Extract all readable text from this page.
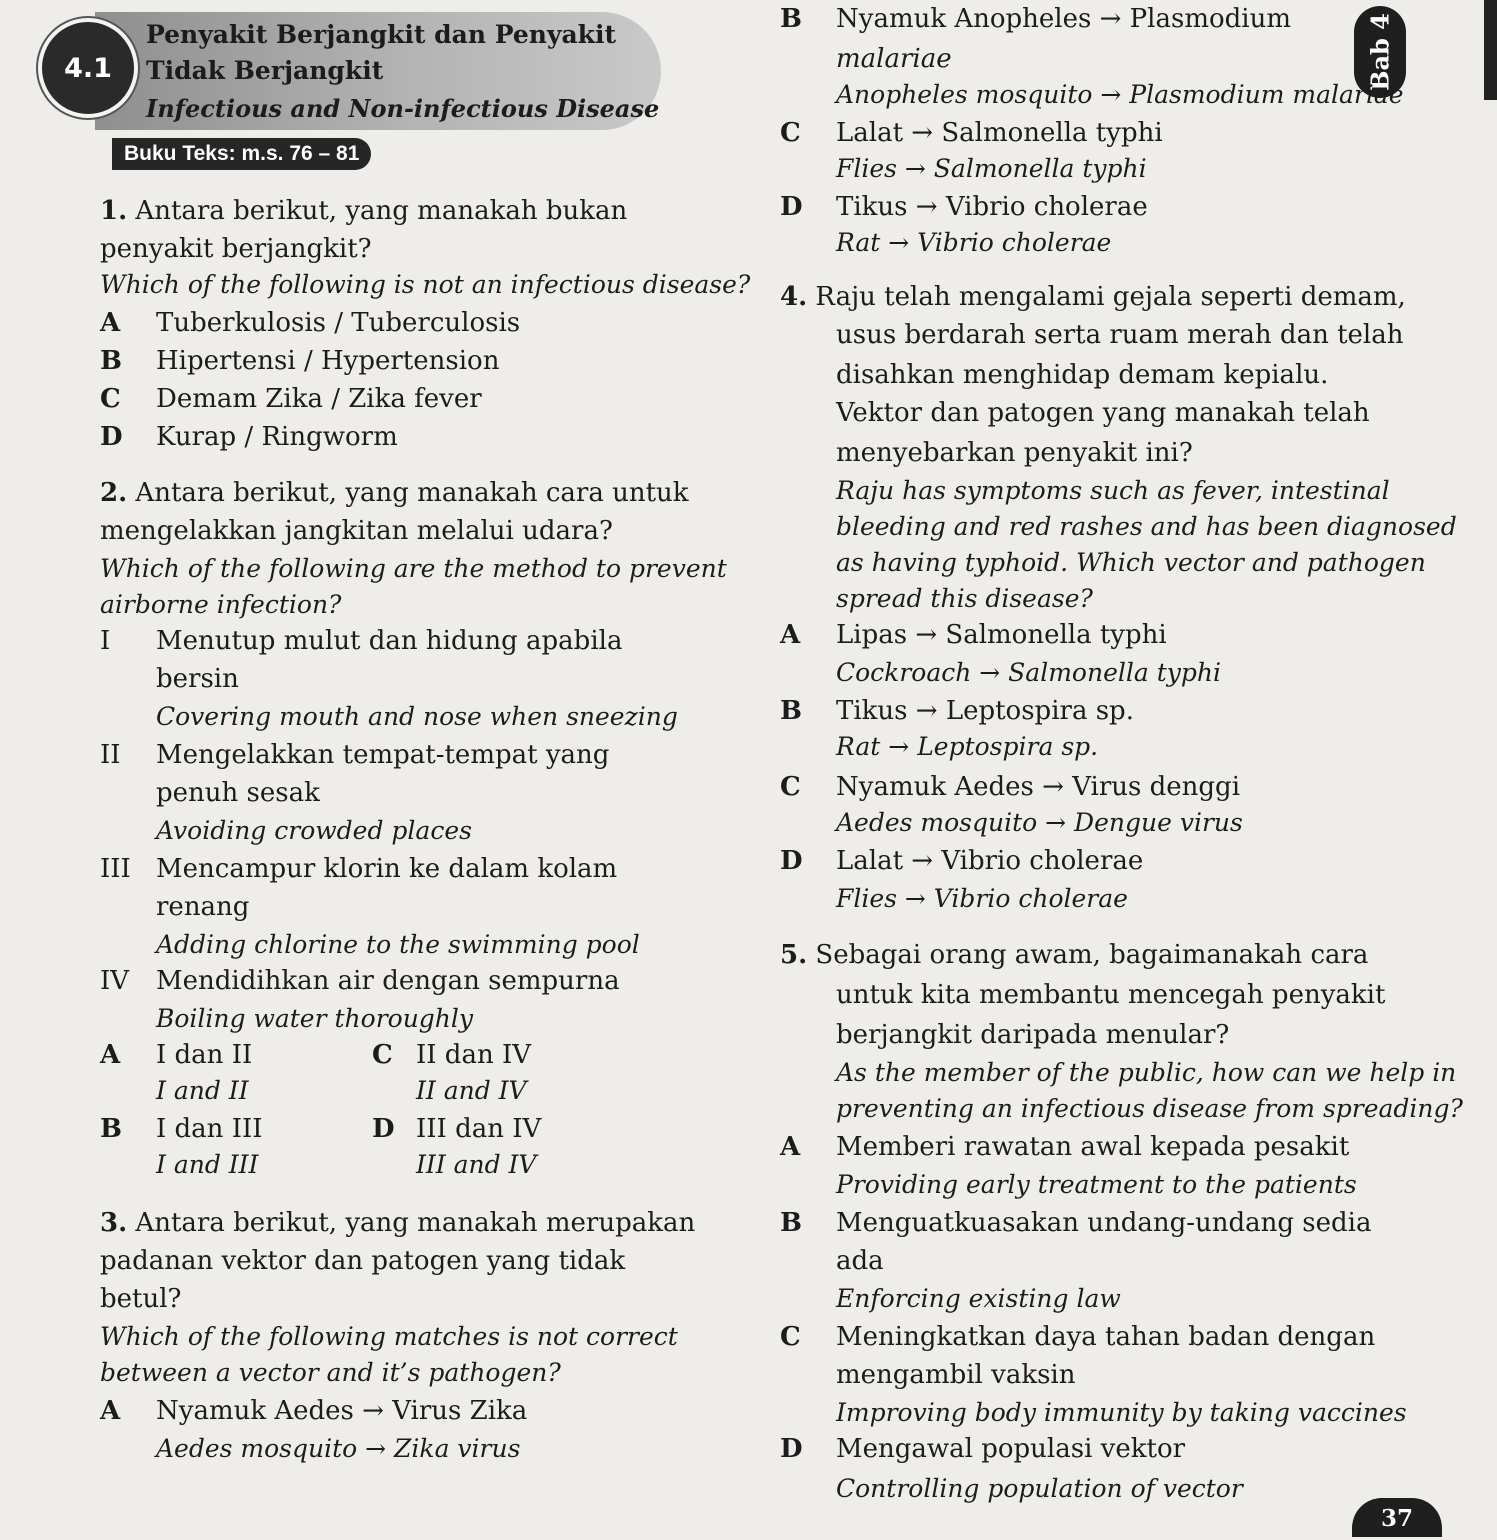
Penyakit Berjangkit dan Penyakit
Tidak Berjangkit
Infectious and Non-infectious Disease
4.1
Buku Teks: m.s. 76 – 81
Bab 4
1. Antara berikut, yang manakah bukan
penyakit berjangkit?
Which of the following is not an infectious disease?
A Tuberkulosis / Tuberculosis
B Hipertensi / Hypertension
C Demam Zika / Zika fever
D Kurap / Ringworm
2. Antara berikut, yang manakah cara untuk
mengelakkan jangkitan melalui udara?
Which of the following are the method to prevent
airborne infection?
I Menutup mulut dan hidung apabila
bersin
Covering mouth and nose when sneezing
II Mengelakkan tempat-tempat yang
penuh sesak
Avoiding crowded places
III Mencampur klorin ke dalam kolam
renang
Adding chlorine to the swimming pool
IV Mendidihkan air dengan sempurna
Boiling water thoroughly
A I dan II
I and II
C II dan IV
II and IV
B I dan III
I and III
D III dan IV
III and IV
3. Antara berikut, yang manakah merupakan
padanan vektor dan patogen yang tidak
betul?
Which of the following matches is not correct
between a vector and it’s pathogen?
A Nyamuk Aedes → Virus Zika
Aedes mosquito → Zika virus
B Nyamuk Anopheles → Plasmodium
malariae
Anopheles mosquito → Plasmodium malariae
C Lalat → Salmonella typhi
Flies → Salmonella typhi
D Tikus → Vibrio cholerae
Rat → Vibrio cholerae
4. Raju telah mengalami gejala seperti demam,
usus berdarah serta ruam merah dan telah
disahkan menghidap demam kepialu.
Vektor dan patogen yang manakah telah
menyebarkan penyakit ini?
Raju has symptoms such as fever, intestinal
bleeding and red rashes and has been diagnosed
as having typhoid. Which vector and pathogen
spread this disease?
A Lipas → Salmonella typhi
Cockroach → Salmonella typhi
B Tikus → Leptospira sp.
Rat → Leptospira sp.
C Nyamuk Aedes → Virus denggi
Aedes mosquito → Dengue virus
D Lalat → Vibrio cholerae
Flies → Vibrio cholerae
5. Sebagai orang awam, bagaimanakah cara
untuk kita membantu mencegah penyakit
berjangkit daripada menular?
As the member of the public, how can we help in
preventing an infectious disease from spreading?
A Memberi rawatan awal kepada pesakit
Providing early treatment to the patients
B Menguatkuasakan undang-undang sedia
ada
Enforcing existing law
C Meningkatkan daya tahan badan dengan
mengambil vaksin
Improving body immunity by taking vaccines
D Mengawal populasi vektor
Controlling population of vector
37
